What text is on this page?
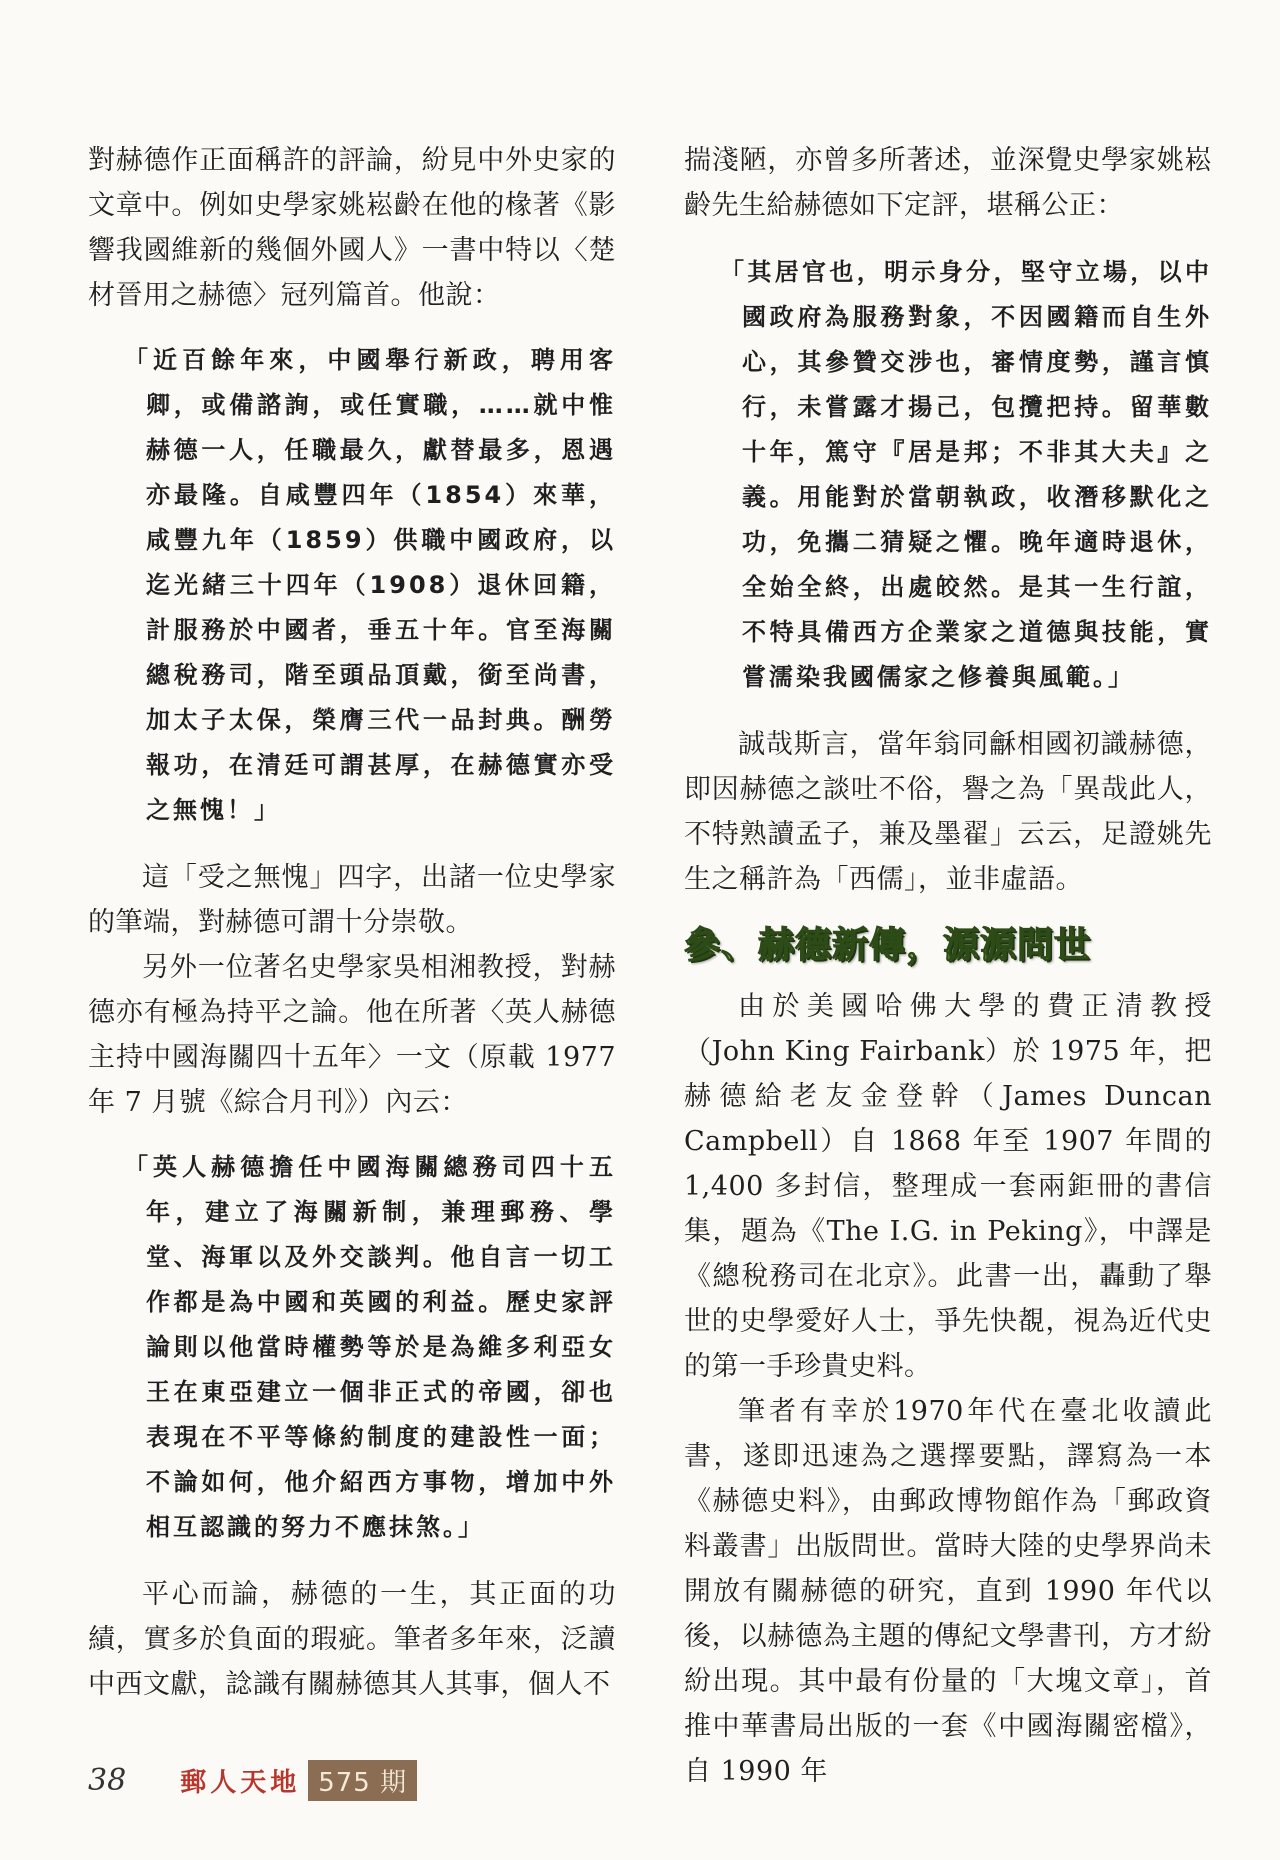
對赫德作正面稱許的評論，紛見中外史家的文章中。例如史學家姚崧齡在他的椽著《影響我國維新的幾個外國人》一書中特以〈楚材晉用之赫德〉冠列篇首。他說：

「近百餘年來，中國舉行新政，聘用客卿，或備諮詢，或任實職，……就中惟赫德一人，任職最久，獻替最多，恩遇亦最隆。自咸豐四年（1854）來華，咸豐九年（1859）供職中國政府，以迄光緒三十四年（1908）退休回籍，計服務於中國者，垂五十年。官至海關總稅務司，階至頭品頂戴，銜至尚書，加太子太保，榮膺三代一品封典。酬勞報功，在清廷可謂甚厚，在赫德實亦受之無愧！」

這「受之無愧」四字，出諸一位史學家的筆端，對赫德可謂十分崇敬。

另外一位著名史學家吳相湘教授，對赫德亦有極為持平之論。他在所著〈英人赫德主持中國海關四十五年〉一文（原載 1977 年 7 月號《綜合月刊》）內云：

「英人赫德擔任中國海關總務司四十五年，建立了海關新制，兼理郵務、學堂、海軍以及外交談判。他自言一切工作都是為中國和英國的利益。歷史家評論則以他當時權勢等於是為維多利亞女王在東亞建立一個非正式的帝國，卻也表現在不平等條約制度的建設性一面；不論如何，他介紹西方事物，增加中外相互認識的努力不應抹煞。」

平心而論，赫德的一生，其正面的功績，實多於負面的瑕疵。筆者多年來，泛讀中西文獻，諗識有關赫德其人其事，個人不

揣淺陋，亦曾多所著述，並深覺史學家姚崧齡先生給赫德如下定評，堪稱公正：

「其居官也，明示身分，堅守立場，以中國政府為服務對象，不因國籍而自生外心，其參贊交涉也，審情度勢，謹言慎行，未嘗露才揚己，包攬把持。留華數十年，篤守『居是邦；不非其大夫』之義。用能對於當朝執政，收潛移默化之功，免攜二猜疑之懼。晚年適時退休，全始全終，出處皎然。是其一生行誼，不特具備西方企業家之道德與技能，實嘗濡染我國儒家之修養與風範。」

誠哉斯言，當年翁同龢相國初識赫德，即因赫德之談吐不俗，譽之為「異哉此人，不特熟讀孟子，兼及墨翟」云云，足證姚先生之稱許為「西儒」，並非虛語。

參、赫德新傳，源源問世

由於美國哈佛大學的費正清教授（John King Fairbank）於 1975 年，把赫德給老友金登幹（James Duncan Campbell）自 1868 年至 1907 年間的 1,400 多封信，整理成一套兩鉅冊的書信集，題為《The I.G. in Peking》，中譯是《總稅務司在北京》。此書一出，轟動了舉世的史學愛好人士，爭先快覩，視為近代史的第一手珍貴史料。

筆者有幸於1970年代在臺北收讀此書，遂即迅速為之選擇要點，譯寫為一本《赫德史料》，由郵政博物館作為「郵政資料叢書」出版問世。當時大陸的史學界尚未開放有關赫德的研究，直到 1990 年代以後，以赫德為主題的傳紀文學書刊，方才紛紛出現。其中最有份量的「大塊文章」，首推中華書局出版的一套《中國海關密檔》，自 1990 年

38 郵人天地 575 期
